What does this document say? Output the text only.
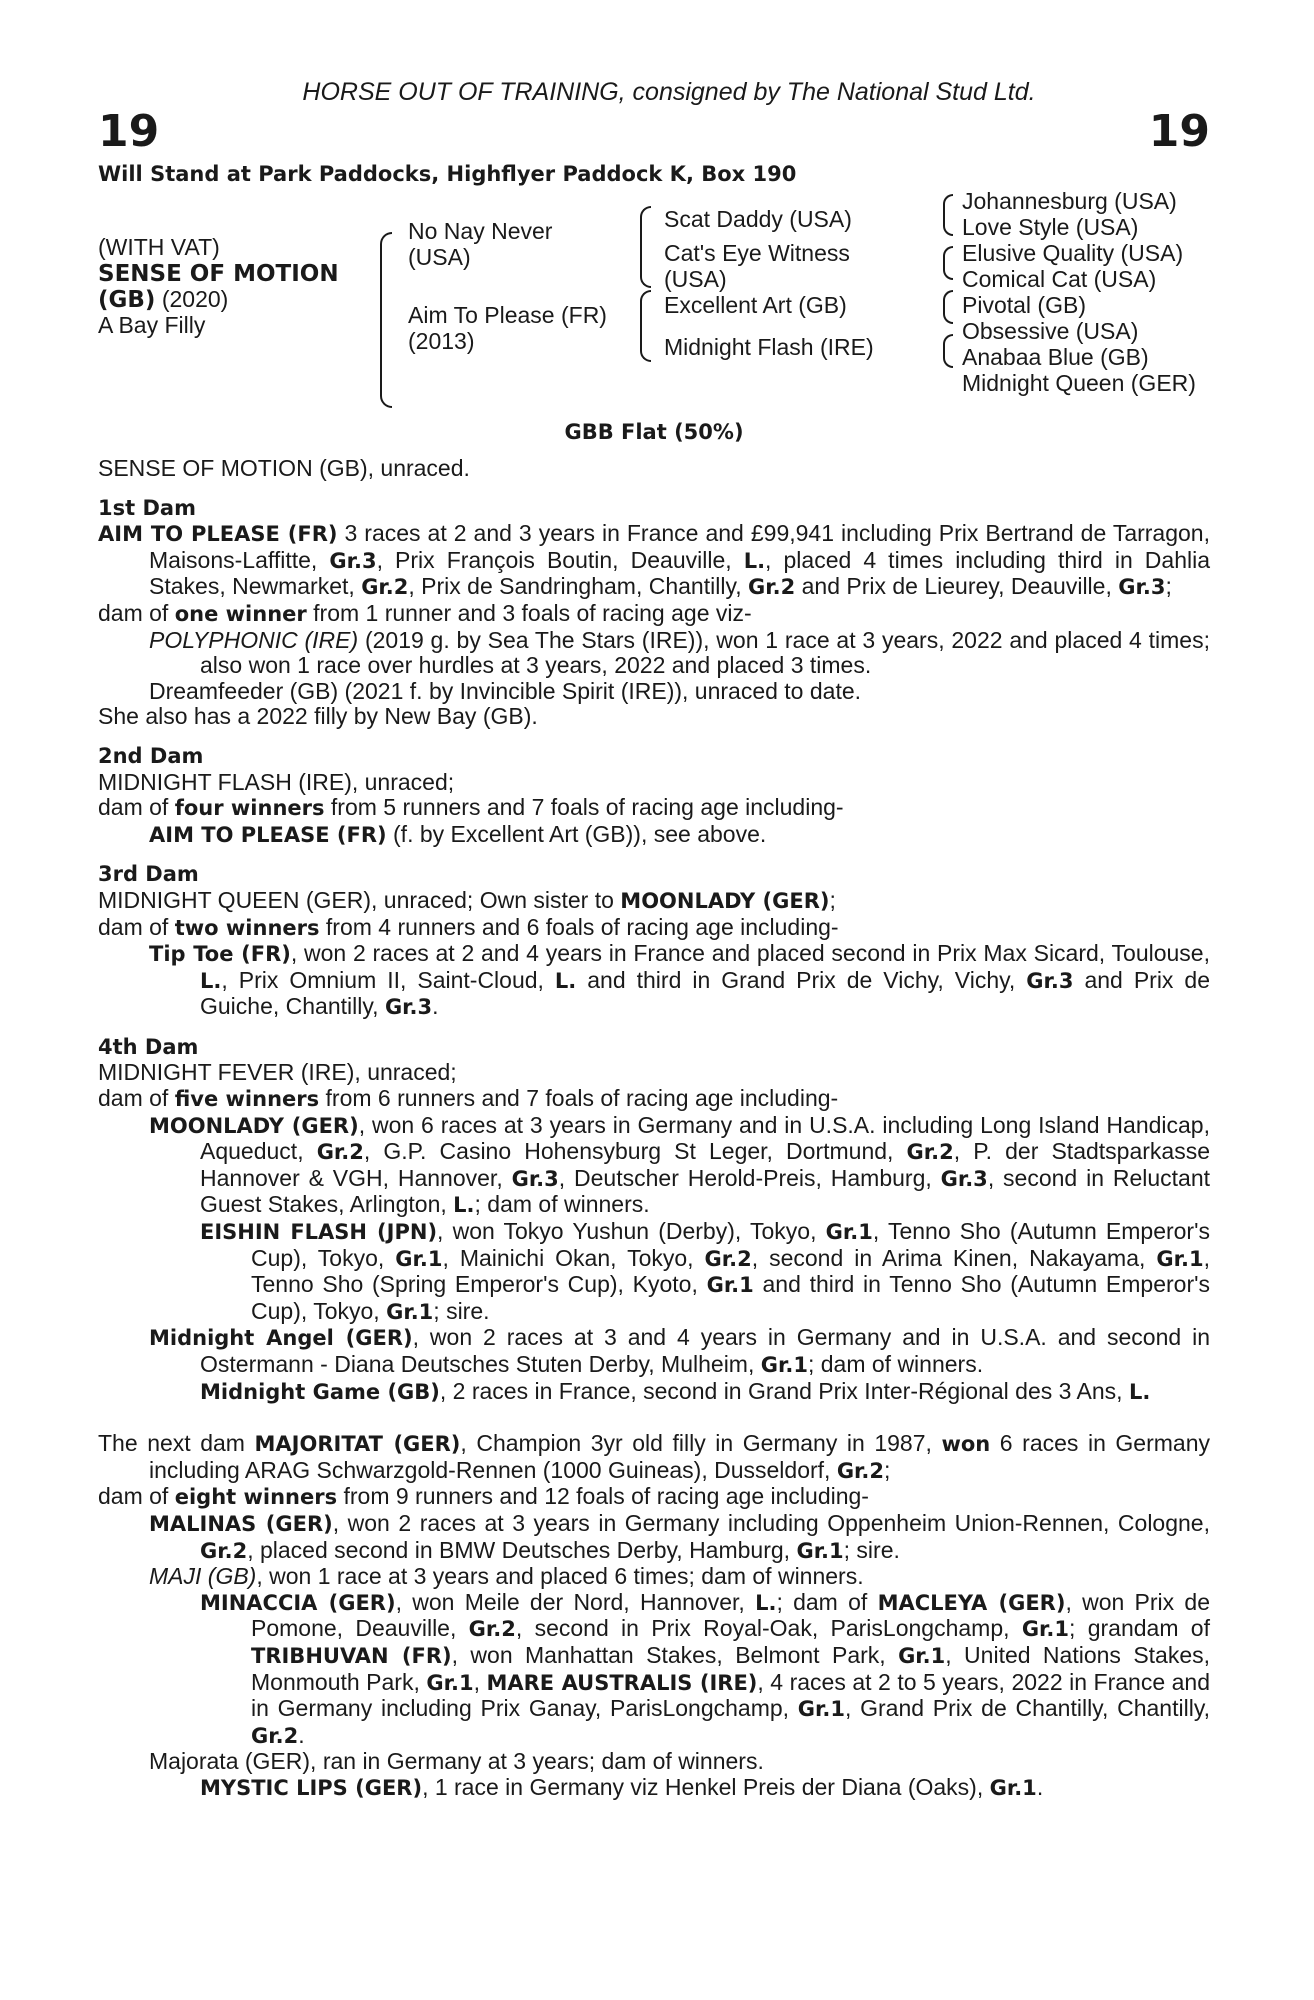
HORSE OUT OF TRAINING, consigned by The National Stud Ltd.
19	19
Will Stand at Park Paddocks, Highflyer Paddock K, Box 190
(WITH VAT)
SENSE OF MOTION
(GB) (2020)
A Bay Filly
No Nay Never
(USA)
Aim To Please (FR)
(2013)
Scat Daddy (USA)
Cat's Eye Witness
(USA)
Excellent Art (GB)
Midnight Flash (IRE)
Johannesburg (USA)
Love Style (USA)
Elusive Quality (USA)
Comical Cat (USA)
Pivotal (GB)
Obsessive (USA)
Anabaa Blue (GB)
Midnight Queen (GER)
GBB Flat (50%)

SENSE OF MOTION (GB), unraced.

1st Dam

AIM TO PLEASE (FR) 3 races at 2 and 3 years in France and £99,941 including Prix Bertrand de Tarragon, Maisons-Laffitte, Gr.3, Prix François Boutin, Deauville, L., placed 4 times including third in Dahlia Stakes, Newmarket, Gr.2, Prix de Sandringham, Chantilly, Gr.2 and Prix de Lieurey, Deauville, Gr.3;

dam of one winner from 1 runner and 3 foals of racing age viz-

POLYPHONIC (IRE) (2019 g. by Sea The Stars (IRE)), won 1 race at 3 years, 2022 and placed 4 times; also won 1 race over hurdles at 3 years, 2022 and placed 3 times.

Dreamfeeder (GB) (2021 f. by Invincible Spirit (IRE)), unraced to date.

She also has a 2022 filly by New Bay (GB).

2nd Dam

MIDNIGHT FLASH (IRE), unraced;

dam of four winners from 5 runners and 7 foals of racing age including-

AIM TO PLEASE (FR) (f. by Excellent Art (GB)), see above.

3rd Dam

MIDNIGHT QUEEN (GER), unraced; Own sister to MOONLADY (GER);

dam of two winners from 4 runners and 6 foals of racing age including-

Tip Toe (FR), won 2 races at 2 and 4 years in France and placed second in Prix Max Sicard, Toulouse, L., Prix Omnium II, Saint-Cloud, L. and third in Grand Prix de Vichy, Vichy, Gr.3 and Prix de Guiche, Chantilly, Gr.3.

4th Dam

MIDNIGHT FEVER (IRE), unraced;

dam of five winners from 6 runners and 7 foals of racing age including-

MOONLADY (GER), won 6 races at 3 years in Germany and in U.S.A. including Long Island Handicap, Aqueduct, Gr.2, G.P. Casino Hohensyburg St Leger, Dortmund, Gr.2, P. der Stadtsparkasse Hannover & VGH, Hannover, Gr.3, Deutscher Herold-Preis, Hamburg, Gr.3, second in Reluctant Guest Stakes, Arlington, L.; dam of winners.

EISHIN FLASH (JPN), won Tokyo Yushun (Derby), Tokyo, Gr.1, Tenno Sho (Autumn Emperor's Cup), Tokyo, Gr.1, Mainichi Okan, Tokyo, Gr.2, second in Arima Kinen, Nakayama, Gr.1, Tenno Sho (Spring Emperor's Cup), Kyoto, Gr.1 and third in Tenno Sho (Autumn Emperor's Cup), Tokyo, Gr.1; sire.

Midnight Angel (GER), won 2 races at 3 and 4 years in Germany and in U.S.A. and second in Ostermann - Diana Deutsches Stuten Derby, Mulheim, Gr.1; dam of winners.

Midnight Game (GB), 2 races in France, second in Grand Prix Inter-Régional des 3 Ans, L.

The next dam MAJORITAT (GER), Champion 3yr old filly in Germany in 1987, won 6 races in Germany including ARAG Schwarzgold-Rennen (1000 Guineas), Dusseldorf, Gr.2;

dam of eight winners from 9 runners and 12 foals of racing age including-

MALINAS (GER), won 2 races at 3 years in Germany including Oppenheim Union-Rennen, Cologne, Gr.2, placed second in BMW Deutsches Derby, Hamburg, Gr.1; sire.

MAJI (GB), won 1 race at 3 years and placed 6 times; dam of winners.

MINACCIA (GER), won Meile der Nord, Hannover, L.; dam of MACLEYA (GER), won Prix de Pomone, Deauville, Gr.2, second in Prix Royal-Oak, ParisLongchamp, Gr.1; grandam of TRIBHUVAN (FR), won Manhattan Stakes, Belmont Park, Gr.1, United Nations Stakes, Monmouth Park, Gr.1, MARE AUSTRALIS (IRE), 4 races at 2 to 5 years, 2022 in France and in Germany including Prix Ganay, ParisLongchamp, Gr.1, Grand Prix de Chantilly, Chantilly, Gr.2.

Majorata (GER), ran in Germany at 3 years; dam of winners.

MYSTIC LIPS (GER), 1 race in Germany viz Henkel Preis der Diana (Oaks), Gr.1.
